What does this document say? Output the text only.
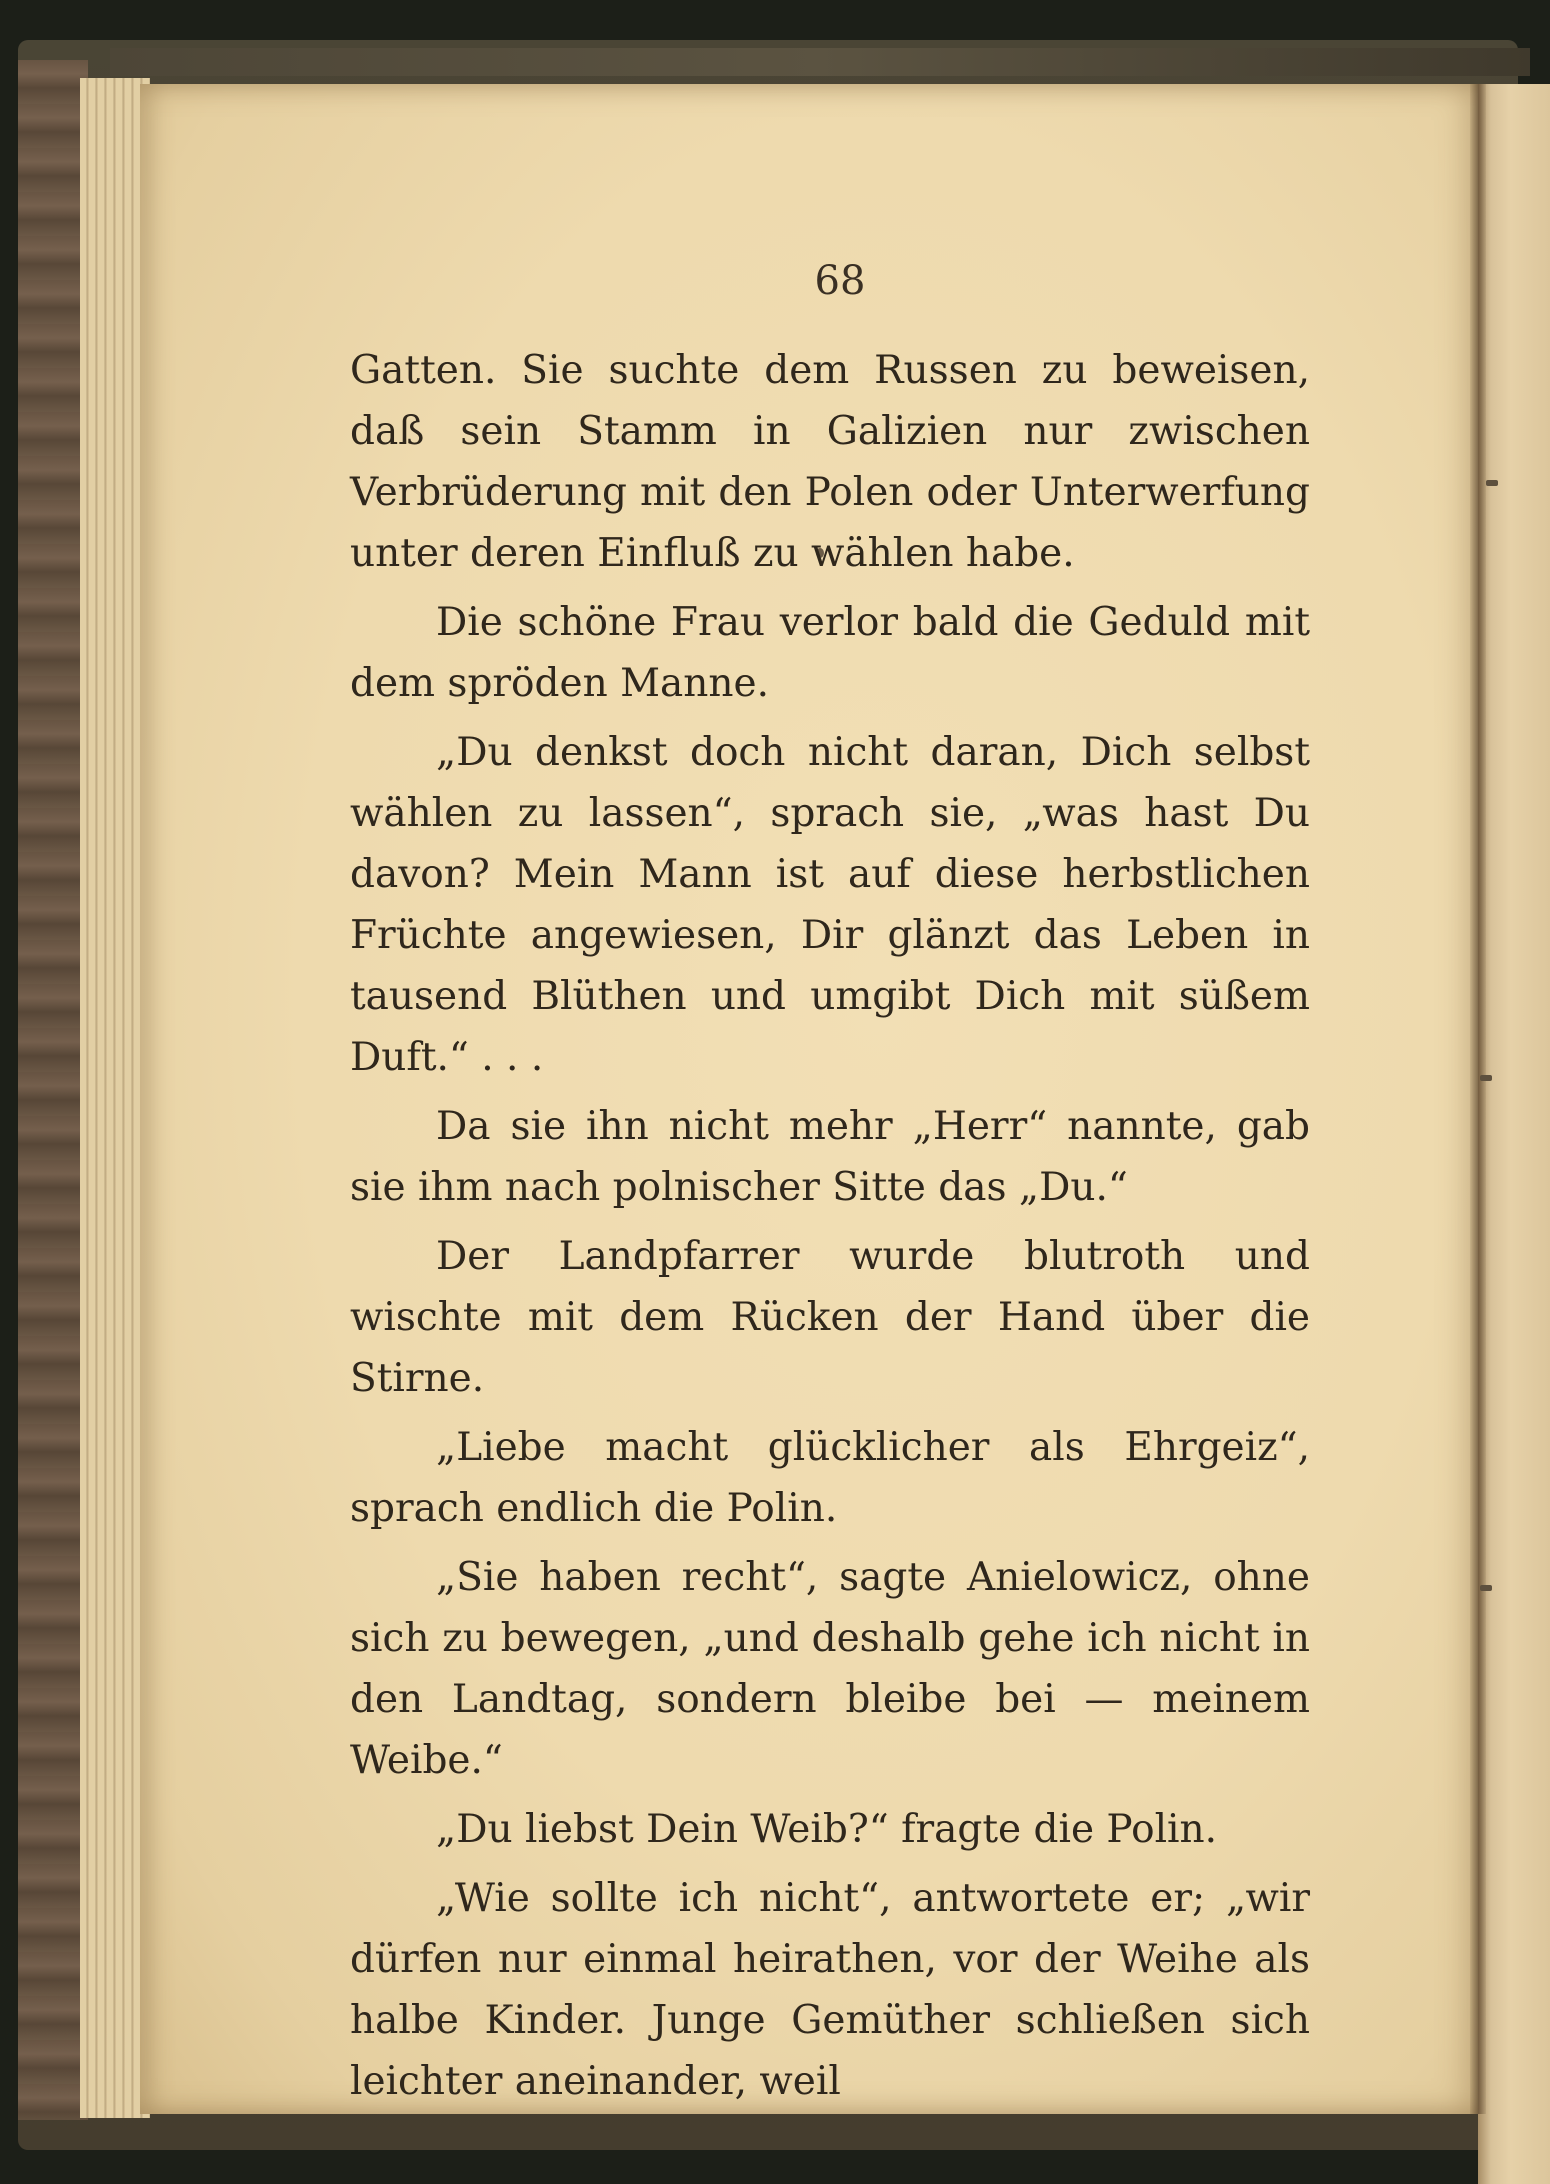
68

Gatten. Sie suchte dem Russen zu beweisen, daß sein Stamm in Galizien nur zwischen Verbrüderung mit den Polen oder Unterwerfung unter deren Einfluß zu wählen habe.

Die schöne Frau verlor bald die Geduld mit dem spröden Manne.

„Du denkst doch nicht daran, Dich selbst wählen zu lassen“, sprach sie, „was hast Du davon? Mein Mann ist auf diese herbstlichen Früchte angewiesen, Dir glänzt das Leben in tausend Blüthen und umgibt Dich mit süßem Duft.“ . . .

Da sie ihn nicht mehr „Herr“ nannte, gab sie ihm nach polnischer Sitte das „Du.“

Der Landpfarrer wurde blutroth und wischte mit dem Rücken der Hand über die Stirne.

„Liebe macht glücklicher als Ehrgeiz“, sprach endlich die Polin.

„Sie haben recht“, sagte Anielowicz, ohne sich zu bewegen, „und deshalb gehe ich nicht in den Landtag, sondern bleibe bei — meinem Weibe.“

„Du liebst Dein Weib?“ fragte die Polin.

„Wie sollte ich nicht“, antwortete er; „wir dürfen nur einmal heirathen, vor der Weihe als halbe Kinder. Junge Gemüther schließen sich leichter aneinander, weil
